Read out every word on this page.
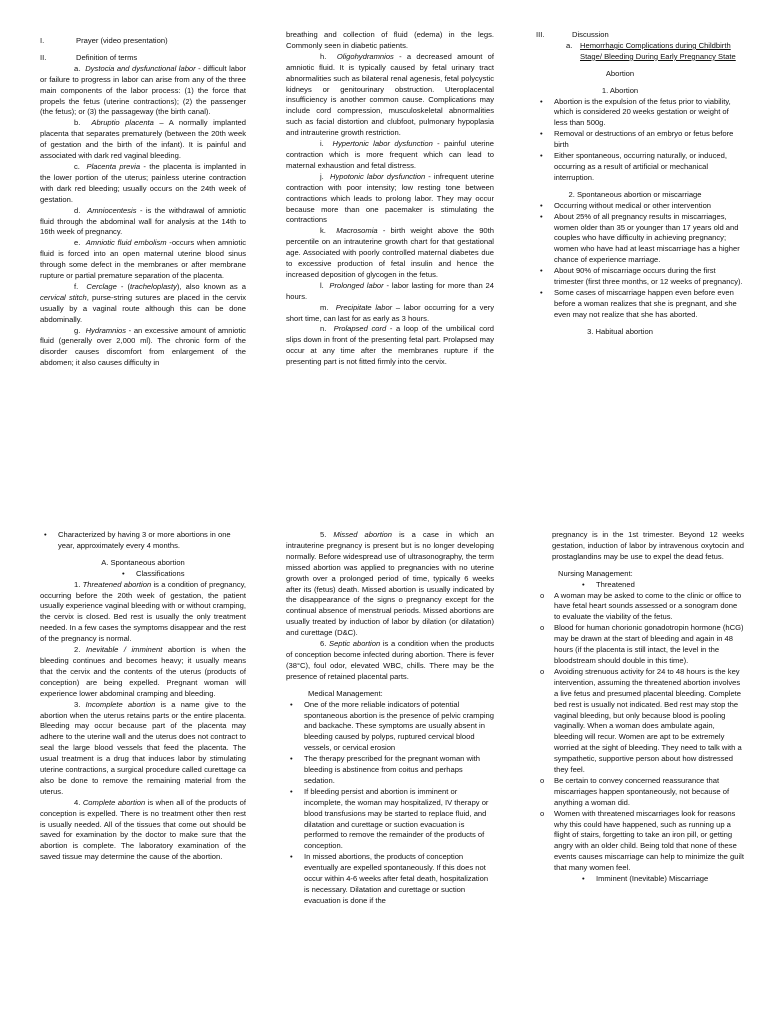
I.	Prayer (video presentation)
II.	Definition of terms

a. Dystocia and dysfunctional labor - difficult labor or failure to progress in labor can arise from any of the three main components of the labor process: (1) the force that propels the fetus (uterine contractions); (2) the passenger (the fetus); or (3) the passageway (the birth canal).

b. Abruptio placenta – A normally implanted placenta that separates prematurely (between the 20th week of gestation and the birth of the infant). It is painful and associated with dark red vaginal bleeding.

c. Placenta previa - the placenta is implanted in the lower portion of the uterus; painless uterine contraction with dark red bleeding; usually occurs on the 24th week of gestation.

d. Amniocentesis - is the withdrawal of amniotic fluid through the abdominal wall for analysis at the 14th to 16th week of pregnancy.

e. Amniotic fluid embolism -occurs when amniotic fluid is forced into an open maternal uterine blood sinus through some defect in the membranes or after membrane rupture or partial premature separation of the placenta.

f. Cerclage - (tracheloplasty), also known as a cervical stitch, purse-string sutures are placed in the cervix usually by a vaginal route although this can be done abdominally.

g. Hydramnios - an excessive amount of amniotic fluid (generally over 2,000 ml). The chronic form of the disorder causes discomfort from enlargement of the abdomen; it also causes difficulty in

breathing and collection of fluid (edema) in the legs. Commonly seen in diabetic patients.

h. Oligohydramnios - a decreased amount of amniotic fluid. It is typically caused by fetal urinary tract abnormalities such as bilateral renal agenesis, fetal polycystic kidneys or genitourinary obstruction. Uteroplacental insufficiency is another common cause. Complications may include cord compression, musculoskeletal abnormalities such as facial distortion and clubfoot, pulmonary hypoplasia and intrauterine growth restriction.

i. Hypertonic labor dysfunction - painful uterine contraction which is more frequent which can lead to maternal exhaustion and fetal distress.

j. Hypotonic labor dysfunction - infrequent uterine contraction with poor intensity; low resting tone between contractions which leads to prolong labor. They may occur because more than one pacemaker is stimulating the contractions

k. Macrosomia - birth weight above the 90th percentile on an intrauterine growth chart for that gestational age. Associated with poorly controlled maternal diabetes due to excessive production of fetal insulin and hence the increased deposition of glycogen in the fetus.

l. Prolonged labor - labor lasting for more than 24 hours.

m. Precipitate labor – labor occurring for a very short time, can last for as early as 3 hours.

n. Prolapsed cord - a loop of the umbilical cord slips down in front of the presenting fetal part. Prolapsed may occur at any time after the membranes rupture if the presenting part is not fitted firmly into the cervix.

III.	Discussion
a.	Hemorrhagic Complications during Childbirth Stage/ Bleeding During Early Pregnancy State

Abortion

1. Abortion

• Abortion is the expulsion of the fetus prior to viability, which is considered 20 weeks gestation or weight of less than 500g.
• Removal or destructions of an embryo or fetus before birth
• Either spontaneous, occurring naturally, or induced, occurring as a result of artificial or mechanical interruption.

2. Spontaneous abortion or miscarriage

• Occurring without medical or other intervention
• About 25% of all pregnancy results in miscarriages, women older than 35 or younger than 17 years old and couples who have difficulty in achieving pregnancy; women who have had at least miscarriage has a higher chance of experience marriage.
• About 90% of miscarriage occurs during the first trimester (first three months, or 12 weeks of pregnancy).
• Some cases of miscarriage happen even before even before a woman realizes that she is pregnant, and she even may not realize that she has aborted.

3. Habitual abortion

• Characterized by having 3 or more abortions in one year, approximately every 4 months.

A. Spontaneous abortion

• Classifications

1. Threatened abortion is a condition of pregnancy, occurring before the 20th week of gestation, the patient usually experience vaginal bleeding with or without cramping, the cervix is closed. Bed rest is usually the only treatment needed. In a few cases the symptoms disappear and the rest of the pregnancy is normal.

2. Inevitable / imminent abortion is when the bleeding continues and becomes heavy; it usually means that the cervix and the contents of the uterus (products of conception) are being expelled. Pregnant woman will experience lower abdominal cramping and bleeding.

3. Incomplete abortion is a name give to the abortion when the uterus retains parts or the entire placenta. Bleeding may occur because part of the placenta may adhere to the uterine wall and the uterus does not contract to seal the large blood vessels that feed the placenta. The usual treatment is a drug that induces labor by stimulating uterine contractions, a surgical procedure called curettage ca also be done to remove the remaining material from the uterus.

4. Complete abortion is when all of the products of conception is expelled. There is no treatment other then rest is usually needed. All of the tissues that come out should be saved for examination by the doctor to make sure that the abortion is complete. The laboratory examination of the saved tissue may determine the cause of the abortion.

5. Missed abortion is a case in which an intrauterine pregnancy is present but is no longer developing normally. Before widespread use of ultrasonography, the term missed abortion was applied to pregnancies with no uterine growth over a prolonged period of time, typically 6 weeks after its (fetus) death. Missed abortion is usually indicated by the disappearance of the signs o pregnancy except for the continual absence of menstrual periods. Missed abortions are usually treated by induction of labor by dilation (or dilatation) and curettage (D&C).

6. Septic abortion is a condition when the products of conception become infected during abortion. There is fever (38°C), foul odor, elevated WBC, chills. There may be the presence of retained placental parts.

Medical Management:

• One of the more reliable indicators of potential spontaneous abortion is the presence of pelvic cramping and backache. These symptoms are usually absent in bleeding caused by polyps, ruptured cervical blood vessels, or cervical erosion
• The therapy prescribed for the pregnant woman with bleeding is abstinence from coitus and perhaps sedation.
• If bleeding persist and abortion is imminent or incomplete, the woman may hospitalized, IV therapy or blood transfusions may be started to replace fluid, and dilatation and curettage or suction evacuation is performed to remove the remainder of the products of conception.
• In missed abortions, the products of conception eventually are expelled spontaneously. If this does not occur within 4-6 weeks after fetal death, hospitalization is necessary. Dilatation and curettage or suction evacuation is done if the

pregnancy is in the 1st trimester. Beyond 12 weeks gestation, induction of labor by intravenous oxytocin and prostaglandins may be use to expel the dead fetus.

Nursing Management:

• Threatened
o A woman may be asked to come to the clinic or office to have fetal heart sounds assessed or a sonogram done to evaluate the viability of the fetus.
o Blood for human chorionic gonadotropin hormone (hCG) may be drawn at the start of bleeding and again in 48 hours (if the placenta is still intact, the level in the bloodstream should double in this time).
o Avoiding strenuous activity for 24 to 48 hours is the key intervention, assuming the threatened abortion involves a live fetus and presumed placental bleeding. Complete bed rest is usually not indicated. Bed rest may stop the vaginal bleeding, but only because blood is pooling vaginally. When a woman does ambulate again, bleeding will recur. Women are apt to be extremely worried at the sight of bleeding. They need to talk with a sympathetic, supportive person about how distressed they feel.
o Be certain to convey concerned reassurance that miscarriages happen spontaneously, not because of anything a woman did.
o Women with threatened miscarriages look for reasons why this could have happened, such as running up a flight of stairs, forgetting to take an iron pill, or getting angry with an older child. Being told that none of these events causes miscarriage can help to minimize the guilt that many women feel.
• Imminent (Inevitable) Miscarriage
